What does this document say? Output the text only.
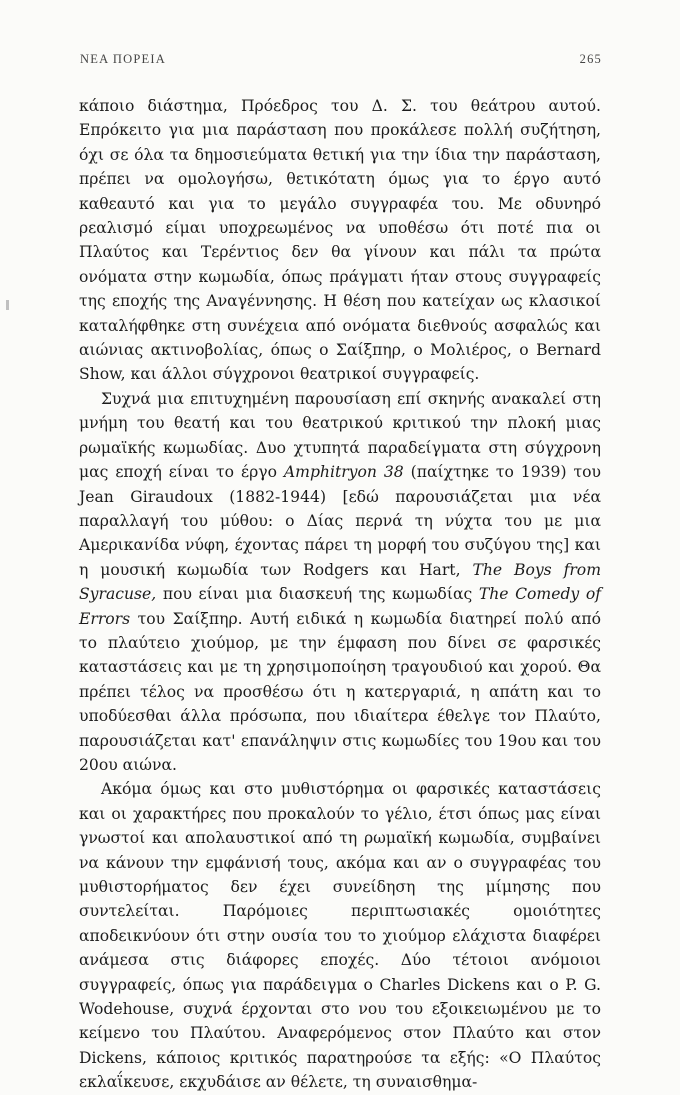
ΝΕΑ ΠΟΡΕΙΑ	265

κάποιο διάστημα, Πρόεδρος του Δ. Σ. του θεάτρου αυτού. Επρόκειτο για μια παράσταση που προκάλεσε πολλή συζήτηση, όχι σε όλα τα δημοσιεύματα θετική για την ίδια την παράσταση, πρέπει να ομολογήσω, θετικότατη όμως για το έργο αυτό καθεαυτό και για το μεγάλο συγγραφέα του. Με οδυνηρό ρεαλισμό είμαι υποχρεωμένος να υποθέσω ότι ποτέ πια οι Πλαύτος και Τερέντιος δεν θα γίνουν και πάλι τα πρώτα ονόματα στην κωμωδία, όπως πράγματι ήταν στους συγγραφείς της εποχής της Αναγέννησης. Η θέση που κατείχαν ως κλασικοί καταλήφθηκε στη συνέχεια από ονόματα διεθνούς ασφαλώς και αιώνιας ακτινοβολίας, όπως ο Σαίξπηρ, ο Μολιέρος, ο Bernard Show, και άλλοι σύγχρονοι θεατρικοί συγγραφείς.

Συχνά μια επιτυχημένη παρουσίαση επί σκηνής ανακαλεί στη μνήμη του θεατή και του θεατρικού κριτικού την πλοκή μιας ρωμαϊκής κωμωδίας. Δυο χτυπητά παραδείγματα στη σύγχρονη μας εποχή είναι το έργο Amphitryon 38 (παίχτηκε το 1939) του Jean Giraudoux (1882-1944) [εδώ παρουσιάζεται μια νέα παραλλαγή του μύθου: ο Δίας περνά τη νύχτα του με μια Αμερικανίδα νύφη, έχοντας πάρει τη μορφή του συζύγου της] και η μουσική κωμωδία των Rodgers και Hart, The Boys from Syracuse, που είναι μια διασκευή της κωμωδίας The Comedy of Errors του Σαίξπηρ. Αυτή ειδικά η κωμωδία διατηρεί πολύ από το πλαύτειο χιούμορ, με την έμφαση που δίνει σε φαρσικές καταστάσεις και με τη χρησιμοποίηση τραγουδιού και χορού. Θα πρέπει τέλος να προσθέσω ότι η κατεργαριά, η απάτη και το υποδύεσθαι άλλα πρόσωπα, που ιδιαίτερα έθελγε τον Πλαύτο, παρουσιάζεται κατ' επανάληψιν στις κωμωδίες του 19ου και του 20ου αιώνα.

Ακόμα όμως και στο μυθιστόρημα οι φαρσικές καταστάσεις και οι χαρακτήρες που προκαλούν το γέλιο, έτσι όπως μας είναι γνωστοί και απολαυστικοί από τη ρωμαϊκή κωμωδία, συμβαίνει να κάνουν την εμφάνισή τους, ακόμα και αν ο συγγραφέας του μυθιστορήματος δεν έχει συνείδηση της μίμησης που συντελείται. Παρόμοιες περιπτωσιακές ομοιότητες αποδεικνύουν ότι στην ουσία του το χιούμορ ελάχιστα διαφέρει ανάμεσα στις διάφορες εποχές. Δύο τέτοιοι ανόμοιοι συγγραφείς, όπως για παράδειγμα ο Charles Dickens και ο P. G. Wodehouse, συχνά έρχονται στο νου του εξοικειωμένου με το κείμενο του Πλαύτου. Αναφερόμενος στον Πλαύτο και στον Dickens, κάποιος κριτικός παρατηρούσε τα εξής: «Ο Πλαύτος εκλαΐκευσε, εκχυδάισε αν θέλετε, τη συναισθημα-
